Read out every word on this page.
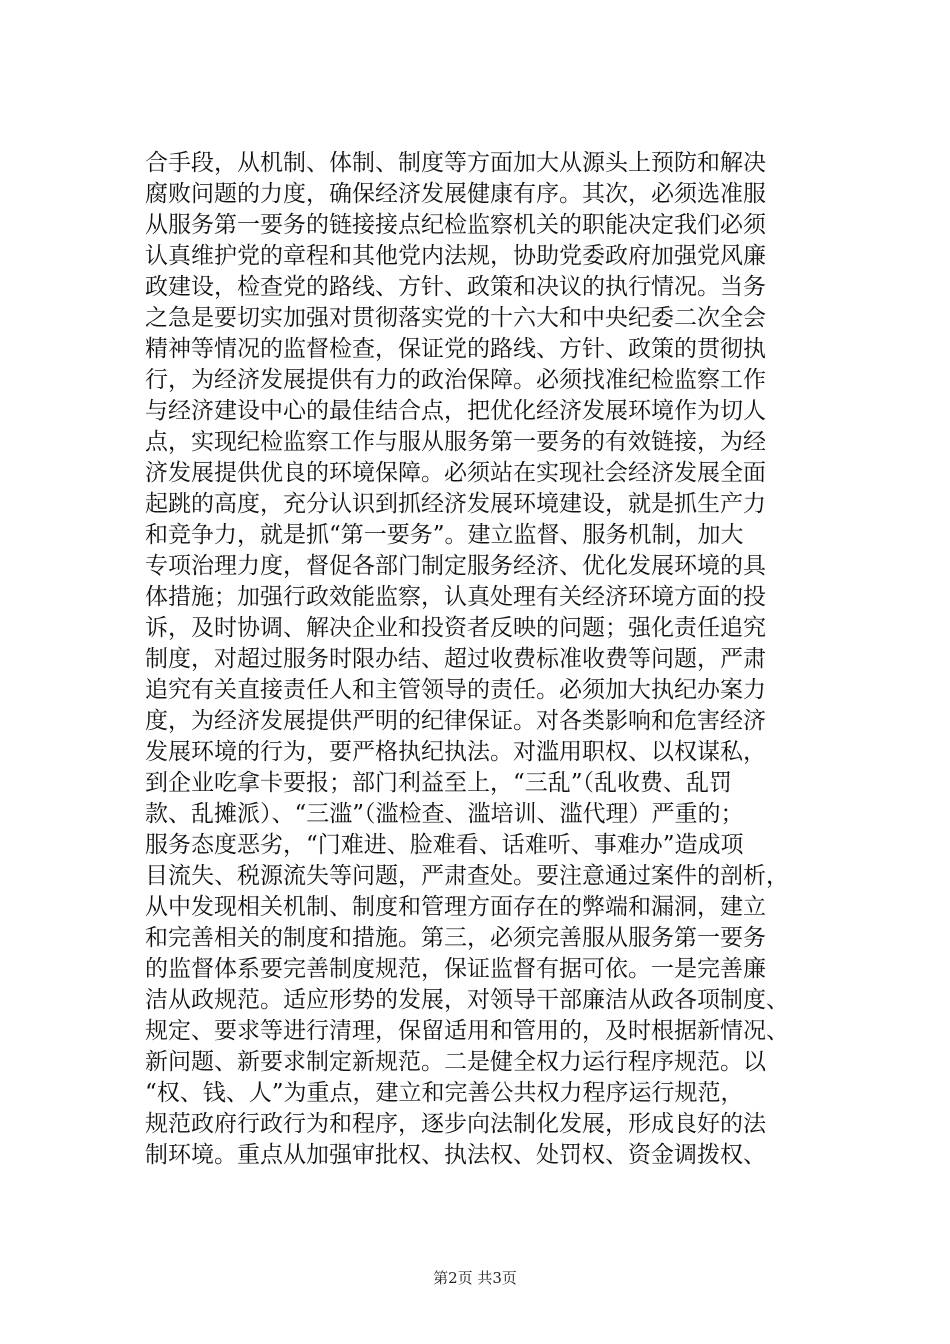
合手段，从机制、体制、制度等方面加大从源头上预防和解决
腐败问题的力度，确保经济发展健康有序。其次，必须选准服
从服务第一要务的链接接点纪检监察机关的职能决定我们必须
认真维护党的章程和其他党内法规，协助党委政府加强党风廉
政建设，检查党的路线、方针、政策和决议的执行情况。当务
之急是要切实加强对贯彻落实党的十六大和中央纪委二次全会
精神等情况的监督检查，保证党的路线、方针、政策的贯彻执
行，为经济发展提供有力的政治保障。必须找准纪检监察工作
与经济建设中心的最佳结合点，把优化经济发展环境作为切人
点，实现纪检监察工作与服从服务第一要务的有效链接，为经
济发展提供优良的环境保障。必须站在实现社会经济发展全面
起跳的高度，充分认识到抓经济发展环境建设，就是抓生产力
和竞争力，就是抓“第一要务”。建立监督、服务机制，加大
专项治理力度，督促各部门制定服务经济、优化发展环境的具
体措施；加强行政效能监察，认真处理有关经济环境方面的投
诉，及时协调、解决企业和投资者反映的问题；强化责任追究
制度，对超过服务时限办结、超过收费标准收费等问题，严肃
追究有关直接责任人和主管领导的责任。必须加大执纪办案力
度，为经济发展提供严明的纪律保证。对各类影响和危害经济
发展环境的行为，要严格执纪执法。对滥用职权、以权谋私，
到企业吃拿卡要报；部门利益至上，“三乱”（乱收费、乱罚
款、乱摊派）、“三滥”（滥检查、滥培训、滥代理）严重的；
服务态度恶劣，“门难进、脸难看、话难听、事难办”造成项
目流失、税源流失等问题，严肃查处。要注意通过案件的剖析，
从中发现相关机制、制度和管理方面存在的弊端和漏洞，建立
和完善相关的制度和措施。第三，必须完善服从服务第一要务
的监督体系要完善制度规范，保证监督有据可依。一是完善廉
洁从政规范。适应形势的发展，对领导干部廉洁从政各项制度、
规定、要求等进行清理，保留适用和管用的，及时根据新情况、
新问题、新要求制定新规范。二是健全权力运行程序规范。以
“权、钱、人”为重点，建立和完善公共权力程序运行规范，
规范政府行政行为和程序，逐步向法制化发展，形成良好的法
制环境。重点从加强审批权、执法权、处罚权、资金调拨权、
第2页 共3页
